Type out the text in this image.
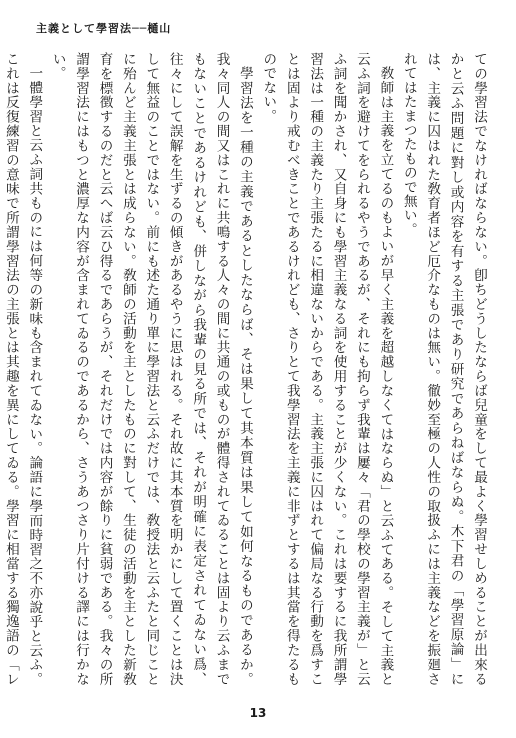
主義として學習法──樋山

ての學習法でなければならない。卽ちどうしたならば兒童をして最よく學習せしめることが出來るかと云ふ問題に對し或内容を有する主張であり研究であらねばならぬ。木下君の「學習原論」には、主義に囚はれた敎育者ほど厄介なものは無い。徹妙至極の人性の取扱ふには主義などを振廻されてはたまつたもので無い。

敎師は主義を立てるのもよいが早く主義を超越しなくてはならぬ」と云ふてある。そして主義と云ふ詞を避けてをられるやうであるが、それにも拘らず我輩は屢々「君の學校の學習主義が」と云ふ詞を聞かされ、又自身にも學習主義なる詞を使用することが少くない。これは要するに我所謂學習法は一種の主義たり主張たるに相違ないからである。主義主張に囚はれて偏局なる行動を爲すことは固より戒むべきことであるけれども、さりとて我學習法を主義に非ずとするは其當を得たるものでない。

學習法を一種の主義であるとしたならば、そは果して其本質は果して如何なるものであるか。我々同人の間又はこれに共鳴する人々の間に共通の或ものが體得されてゐることは固より云ふまでもないことであるけれども、併しながら我輩の見る所では、それが明確に表定されてゐない爲、往々にして誤解を生ずるの傾きがあるやうに思はれる。それ故に其本質を明かにして置くことは決して無益のことではない。前にも述た通り單に學習法と云ふだけでは、敎授法と云ふたと同じことに殆んど主義主張とは成らない。敎師の活動を主としたものに對して、生徒の活動を主とした新敎育を標徴するのだと云へば云ひ得るであらうが、それだけでは内容が餘りに貧弱である。我々の所謂學習法にはもつと濃厚な内容が含まれてゐるのであるから、さうあつさり片付ける譯には行かない。

一體學習と云ふ詞共ものには何等の新味も含まれてゐない。論語に學而時習之不亦說乎と云ふ。これは反復練習の意味で所謂學習法の主張とは其趣を異にしてゐる。學習に相當する獨逸語の「レ

13
